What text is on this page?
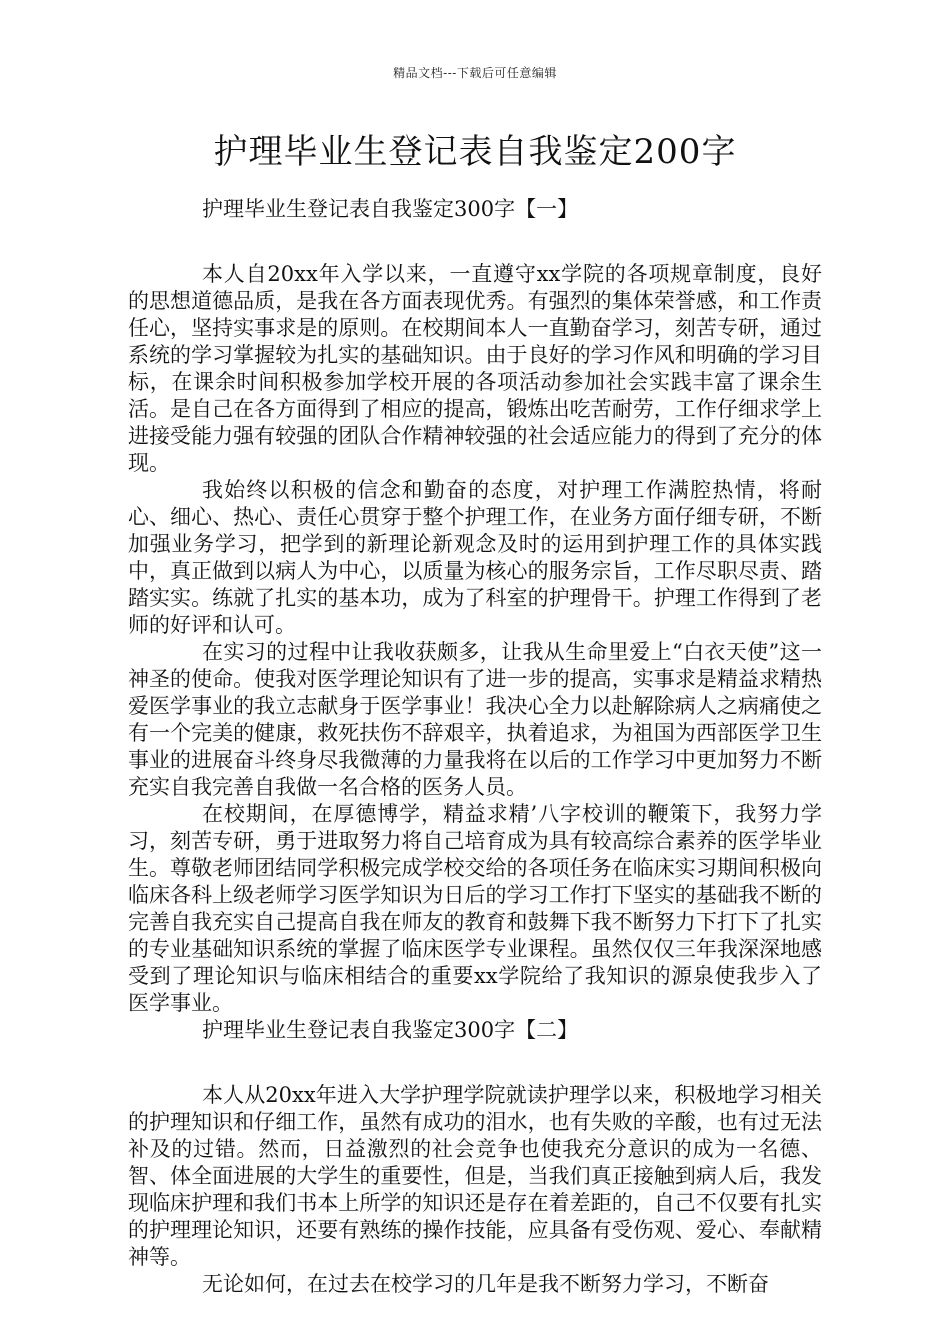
精品文档---下载后可任意编辑
护理毕业生登记表自我鉴定200字

护理毕业生登记表自我鉴定300字【一】

本人自20xx年入学以来，一直遵守xx学院的各项规章制度，良好的思想道德品质，是我在各方面表现优秀。有强烈的集体荣誉感，和工作责任心，坚持实事求是的原则。在校期间本人一直勤奋学习，刻苦专研，通过系统的学习掌握较为扎实的基础知识。由于良好的学习作风和明确的学习目标，在课余时间积极参加学校开展的各项活动参加社会实践丰富了课余生活。是自己在各方面得到了相应的提高，锻炼出吃苦耐劳，工作仔细求学上进接受能力强有较强的团队合作精神较强的社会适应能力的得到了充分的体现。

我始终以积极的信念和勤奋的态度，对护理工作满腔热情，将耐心、细心、热心、责任心贯穿于整个护理工作，在业务方面仔细专研，不断加强业务学习，把学到的新理论新观念及时的运用到护理工作的具体实践中，真正做到以病人为中心，以质量为核心的服务宗旨，工作尽职尽责、踏踏实实。练就了扎实的基本功，成为了科室的护理骨干。护理工作得到了老师的好评和认可。

在实习的过程中让我收获颇多，让我从生命里爱上“白衣天使”这一神圣的使命。使我对医学理论知识有了进一步的提高，实事求是精益求精热爱医学事业的我立志献身于医学事业！我决心全力以赴解除病人之病痛使之有一个完美的健康，救死扶伤不辞艰辛，执着追求，为祖国为西部医学卫生事业的进展奋斗终身尽我微薄的力量我将在以后的工作学习中更加努力不断充实自我完善自我做一名合格的医务人员。

在校期间，在厚德博学，精益求精’八字校训的鞭策下，我努力学习，刻苦专研，勇于进取努力将自己培育成为具有较高综合素养的医学毕业生。尊敬老师团结同学积极完成学校交给的各项任务在临床实习期间积极向临床各科上级老师学习医学知识为日后的学习工作打下坚实的基础我不断的完善自我充实自己提高自我在师友的教育和鼓舞下我不断努力下打下了扎实的专业基础知识系统的掌握了临床医学专业课程。虽然仅仅三年我深深地感受到了理论知识与临床相结合的重要xx学院给了我知识的源泉使我步入了医学事业。

护理毕业生登记表自我鉴定300字【二】

本人从20xx年进入大学护理学院就读护理学以来，积极地学习相关的护理知识和仔细工作，虽然有成功的泪水，也有失败的辛酸，也有过无法补及的过错。然而，日益激烈的社会竞争也使我充分意识的成为一名德、智、体全面进展的大学生的重要性，但是，当我们真正接触到病人后，我发现临床护理和我们书本上所学的知识还是存在着差距的，自己不仅要有扎实的护理理论知识，还要有熟练的操作技能，应具备有受伤观、爱心、奉献精神等。

无论如何，在过去在校学习的几年是我不断努力学习，不断奋
